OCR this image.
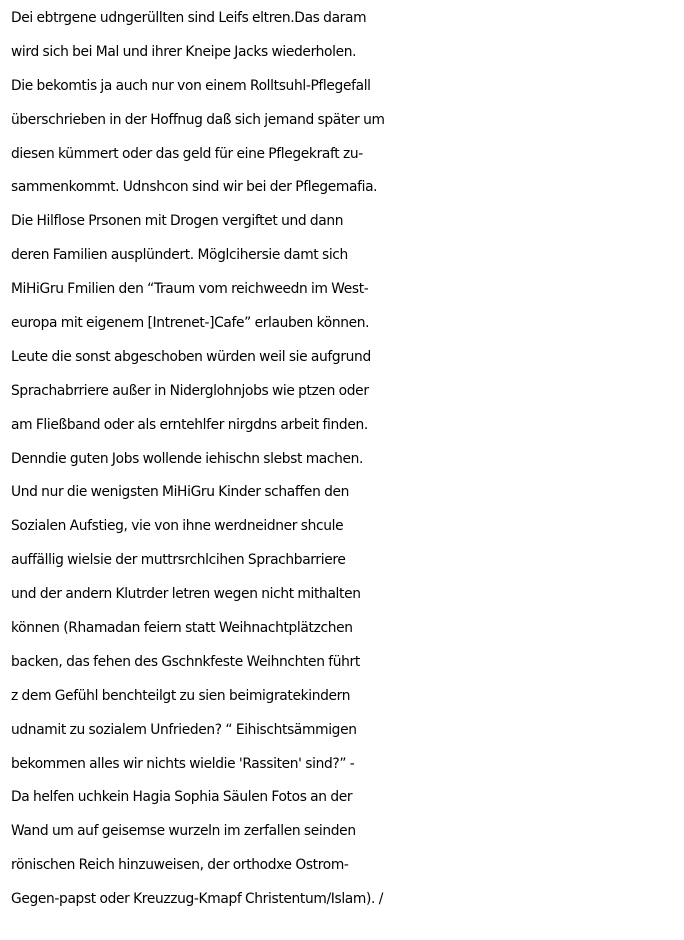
Dei ebtrgene udngerüllten sind Leifs eltren.Das daram
wird sich bei Mal und ihrer Kneipe Jacks wiederholen.
Die bekomtis ja auch nur von einem Rolltsuhl-Pflegefall
überschrieben in der Hoffnug daß sich jemand später um
diesen kümmert oder das geld für eine Pflegekraft zu-
sammenkommt. Udnshcon sind wir bei der Pflegemafia.
Die Hilflose Prsonen mit Drogen vergiftet und dann
deren Familien ausplündert. Möglcihersie damt sich
MiHiGru Fmilien den “Traum vom reichweedn im West-
europa mit eigenem [Intrenet-]Cafe” erlauben können.
Leute die sonst abgeschoben würden weil sie aufgrund
Sprachabrriere außer in Niderglohnjobs wie ptzen oder
am Fließband oder als erntehlfer nirgdns arbeit finden.
Denndie guten Jobs wollende iehischn slebst machen.
Und nur die wenigsten MiHiGru Kinder schaffen den
Sozialen Aufstieg, vie von ihne werdneidner shcule
auffällig wielsie der muttrsrchlcihen Sprachbarriere
und der andern Klutrder letren wegen nicht mithalten
können (Rhamadan feiern statt Weihnachtplätzchen
backen, das fehen des Gschnkfeste Weihnchten führt
z dem Gefühl benchteilgt zu sien beimigratekindern
udnamit zu sozialem Unfrieden? “ Eihischtsämmigen
bekommen alles wir nichts wieldie 'Rassiten' sind?” -
Da helfen uchkein Hagia Sophia Säulen Fotos an der
Wand um auf geisemse wurzeln im zerfallen seinden
rönischen Reich hinzuweisen, der orthodxe Ostrom-
Gegen-papst oder Kreuzzug-Kmapf Christentum/Islam). /
